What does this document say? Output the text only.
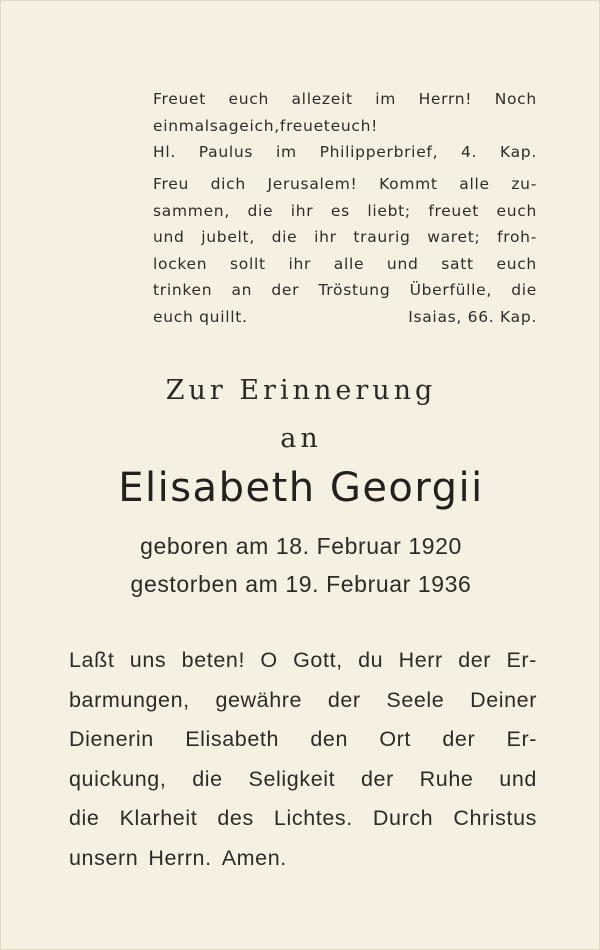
Freuet euch allezeit im Herrn! Noch
einmal sage ich, freuet euch!
Hl. Paulus im Philipperbrief, 4. Kap.
Freu dich Jerusalem! Kommt alle zu-
sammen, die ihr es liebt; freuet euch
und jubelt, die ihr traurig waret; froh-
locken sollt ihr alle und satt euch
trinken an der Tröstung Überfülle, die
euch quillt.	Isaias, 66. Kap.
Zur Erinnerung
an
Elisabeth Georgii
geboren am 18. Februar 1920
gestorben am 19. Februar 1936
Laßt uns beten! O Gott, du Herr der Er-
barmungen, gewähre der Seele Deiner
Dienerin Elisabeth den Ort der Er-
quickung, die Seligkeit der Ruhe und
die Klarheit des Lichtes. Durch Christus
unsern Herrn. Amen.
